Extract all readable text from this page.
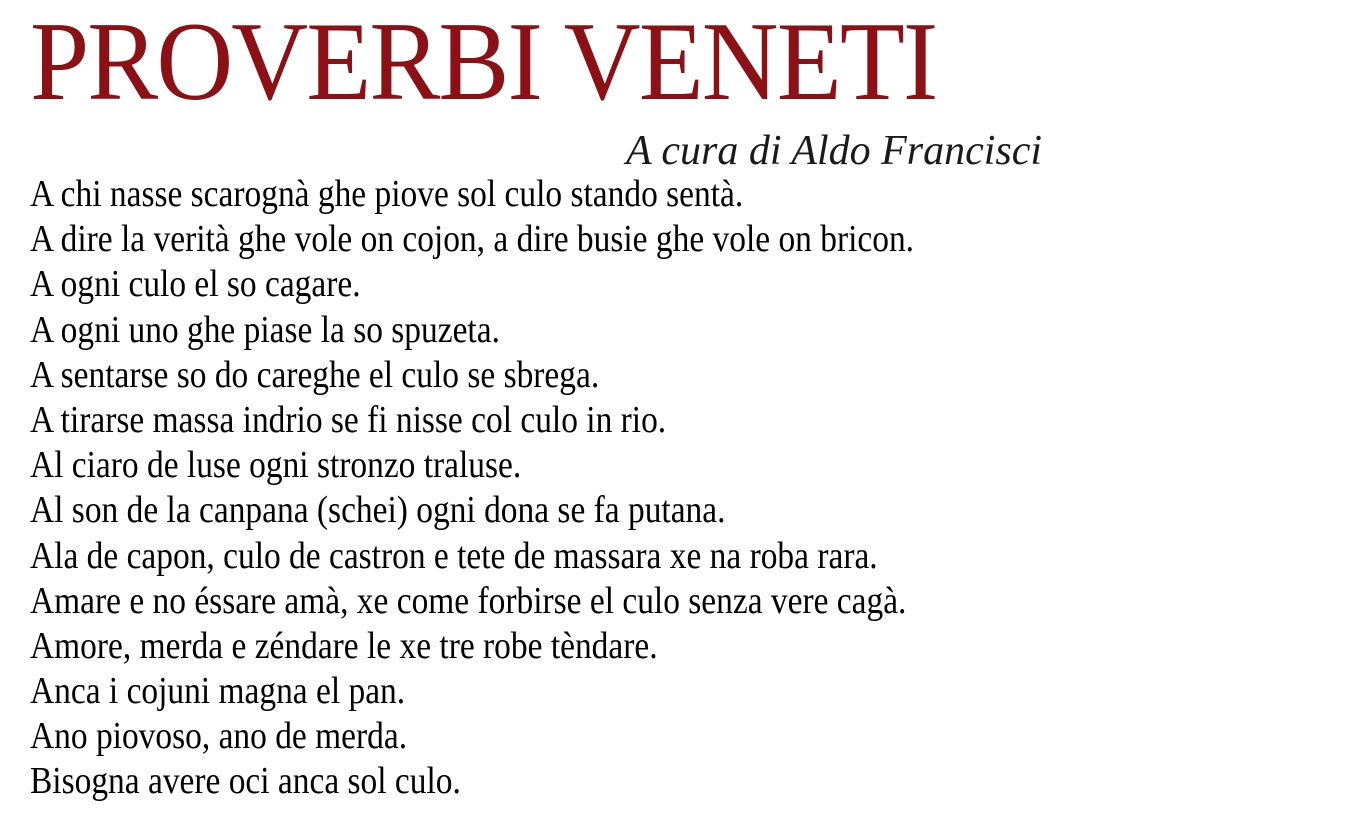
PROVERBI VENETI
A cura di Aldo Francisci
A chi nasse scarognà ghe piove sol culo stando sentà.
A dire la verità ghe vole on cojon, a dire busie ghe vole on bricon.
A ogni culo el so cagare.
A ogni uno ghe piase la so spuzeta.
A sentarse so do careghe el culo se sbrega.
A tirarse massa indrio se fi nisse col culo in rio.
Al ciaro de luse ogni stronzo traluse.
Al son de la canpana (schei) ogni dona se fa putana.
Ala de capon, culo de castron e tete de massara xe na roba rara.
Amare e no éssare amà, xe come forbirse el culo senza vere cagà.
Amore, merda e zéndare le xe tre robe tèndare.
Anca i cojuni magna el pan.
Ano piovoso, ano de merda.
Bisogna avere oci anca sol culo.
